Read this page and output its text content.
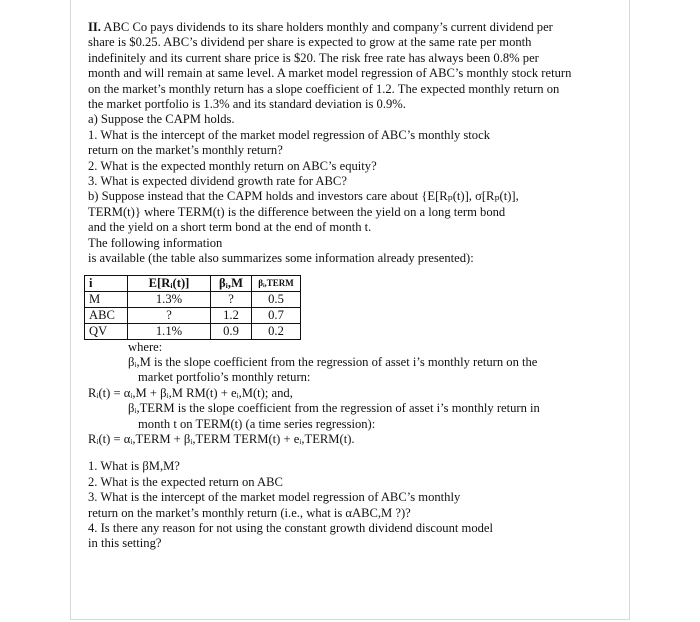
II. ABC Co pays dividends to its share holders monthly and company’s current dividend per
share is $0.25. ABC’s dividend per share is expected to grow at the same rate per month
indefinitely and its current share price is $20. The risk free rate has always been 0.8% per
month and will remain at same level. A market model regression of ABC’s monthly stock return
on the market’s monthly return has a slope coefficient of 1.2. The expected monthly return on
the market portfolio is 1.3% and its standard deviation is 0.9%.
a) Suppose the CAPM holds.
1. What is the intercept of the market model regression of ABC’s monthly stock
return on the market’s monthly return?
2. What is the expected monthly return on ABC’s equity?
3. What is expected dividend growth rate for ABC?
b) Suppose instead that the CAPM holds and investors care about {E[Rₚ(t)], σ[Rₚ(t)],
TERM(t)} where TERM(t) is the difference between the yield on a long term bond
and the yield on a short term bond at the end of month t.
The following information
is available (the table also summarizes some information already presented):
i	E[Rᵢ(t)]	βᵢ,M	βᵢ,TERM
M	1.3%	?	0.5
ABC	?	1.2	0.7
QV	1.1%	0.9	0.2
where:
βᵢ,M is the slope coefficient from the regression of asset i’s monthly return on the
market portfolio’s monthly return:
Rᵢ(t) = αᵢ,M + βᵢ,M RM(t) + eᵢ,M(t); and,
βᵢ,TERM is the slope coefficient from the regression of asset i’s monthly return in
month t on TERM(t) (a time series regression):
Rᵢ(t) = αᵢ,TERM + βᵢ,TERM TERM(t) + eᵢ,TERM(t).
1. What is βM,M?
2. What is the expected return on ABC
3. What is the intercept of the market model regression of ABC’s monthly
return on the market’s monthly return (i.e., what is αABC,M ?)?
4. Is there any reason for not using the constant growth dividend discount model
in this setting?
